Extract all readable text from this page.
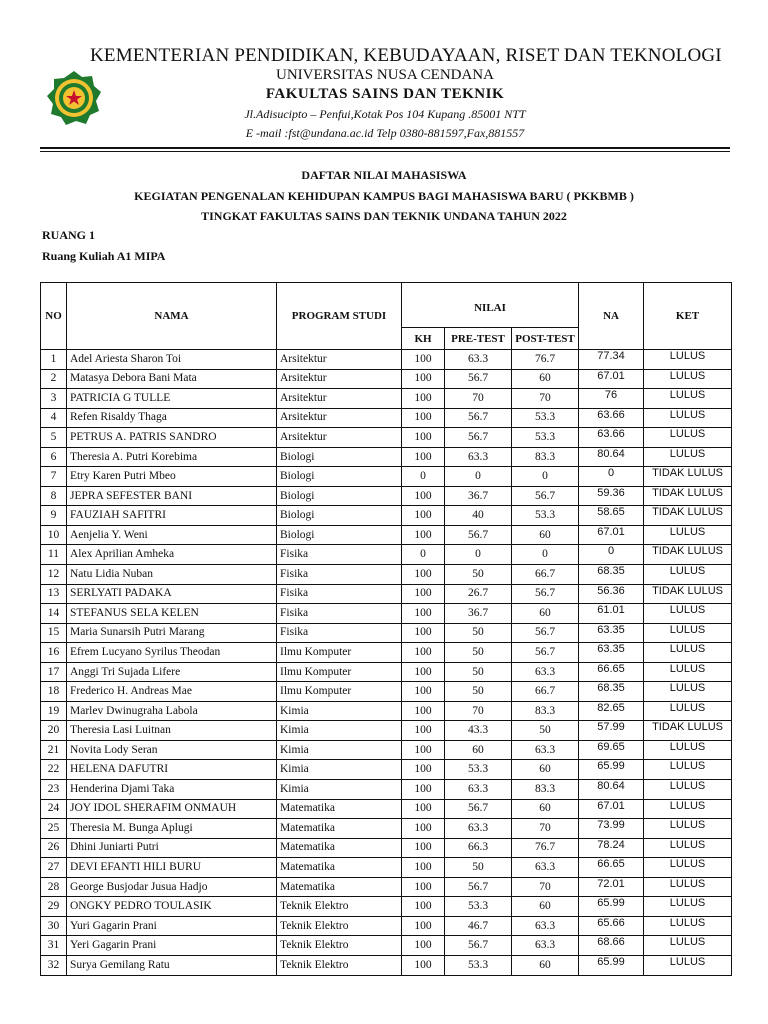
KEMENTERIAN PENDIDIKAN, KEBUDAYAAN, RISET DAN TEKNOLOGI
UNIVERSITAS NUSA CENDANA
FAKULTAS SAINS DAN TEKNIK
Jl.Adisucipto – Penfui,Kotak Pos 104 Kupang .85001 NTT
E -mail :fst@undana.ac.id Telp 0380-881597,Fax,881557
DAFTAR NILAI MAHASISWA
KEGIATAN PENGENALAN KEHIDUPAN KAMPUS BAGI MAHASISWA BARU ( PKKBMB )
TINGKAT FAKULTAS SAINS DAN TEKNIK UNDANA TAHUN 2022
RUANG 1
Ruang Kuliah A1 MIPA
NO	NAMA	PROGRAM STUDI	NILAI			NA	KET
			KH	PRE-TEST	POST-TEST		
1	Adel Ariesta Sharon Toi	Arsitektur	100	63.3	76.7	77.34	LULUS
2	Matasya Debora Bani Mata	Arsitektur	100	56.7	60	67.01	LULUS
3	PATRICIA G TULLE	Arsitektur	100	70	70	76	LULUS
4	Refen Risaldy Thaga	Arsitektur	100	56.7	53.3	63.66	LULUS
5	PETRUS A. PATRIS SANDRO	Arsitektur	100	56.7	53.3	63.66	LULUS
6	Theresia A. Putri Korebima	Biologi	100	63.3	83.3	80.64	LULUS
7	Etry Karen Putri Mbeo	Biologi	0	0	0	0	TIDAK LULUS
8	JEPRA SEFESTER BANI	Biologi	100	36.7	56.7	59.36	TIDAK LULUS
9	FAUZIAH SAFITRI	Biologi	100	40	53.3	58.65	TIDAK LULUS
10	Aenjelia Y. Weni	Biologi	100	56.7	60	67.01	LULUS
11	Alex Aprilian Amheka	Fisika	0	0	0	0	TIDAK LULUS
12	Natu Lidia Nuban	Fisika	100	50	66.7	68.35	LULUS
13	SERLYATI PADAKA	Fisika	100	26.7	56.7	56.36	TIDAK LULUS
14	STEFANUS SELA KELEN	Fisika	100	36.7	60	61.01	LULUS
15	Maria Sunarsih Putri Marang	Fisika	100	50	56.7	63.35	LULUS
16	Efrem Lucyano Syrilus Theodan	Ilmu Komputer	100	50	56.7	63.35	LULUS
17	Anggi Tri Sujada Lifere	Ilmu Komputer	100	50	63.3	66.65	LULUS
18	Frederico H. Andreas Mae	Ilmu Komputer	100	50	66.7	68.35	LULUS
19	Marlev Dwinugraha Labola	Kimia	100	70	83.3	82.65	LULUS
20	Theresia Lasi Luitnan	Kimia	100	43.3	50	57.99	TIDAK LULUS
21	Novita Lody Seran	Kimia	100	60	63.3	69.65	LULUS
22	HELENA DAFUTRI	Kimia	100	53.3	60	65.99	LULUS
23	Henderina Djami Taka	Kimia	100	63.3	83.3	80.64	LULUS
24	JOY IDOL SHERAFIM ONMAUH	Matematika	100	56.7	60	67.01	LULUS
25	Theresia M. Bunga Aplugi	Matematika	100	63.3	70	73.99	LULUS
26	Dhini Juniarti Putri	Matematika	100	66.3	76.7	78.24	LULUS
27	DEVI EFANTI HILI BURU	Matematika	100	50	63.3	66.65	LULUS
28	George Busjodar Jusua Hadjo	Matematika	100	56.7	70	72.01	LULUS
29	ONGKY PEDRO TOULASIK	Teknik Elektro	100	53.3	60	65.99	LULUS
30	Yuri Gagarin Prani	Teknik Elektro	100	46.7	63.3	65.66	LULUS
31	Yeri Gagarin Prani	Teknik Elektro	100	56.7	63.3	68.66	LULUS
32	Surya Gemilang Ratu	Teknik Elektro	100	53.3	60	65.99	LULUS
